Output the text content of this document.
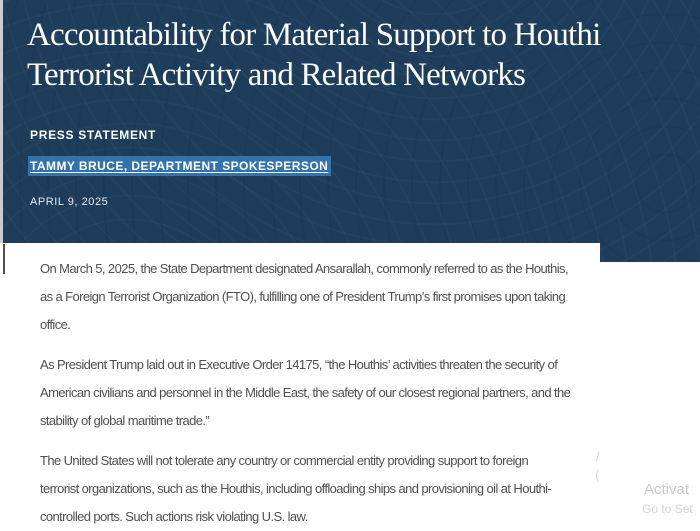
Accountability for Material Support to Houthi
Terrorist Activity and Related Networks
PRESS STATEMENT
TAMMY BRUCE, DEPARTMENT SPOKESPERSON
APRIL 9, 2025

On March 5, 2025, the State Department designated Ansarallah, commonly referred to as the Houthis,
as a Foreign Terrorist Organization (FTO), fulfilling one of President Trump’s first promises upon taking
office.

As President Trump laid out in Executive Order 14175, “the Houthis’ activities threaten the security of
American civilians and personnel in the Middle East, the safety of our closest regional partners, and the
stability of global maritime trade.”

The United States will not tolerate any country or commercial entity providing support to foreign
terrorist organizations, such as the Houthis, including offloading ships and provisioning oil at Houthi-
controlled ports. Such actions risk violating U.S. law.

/
(
Activat
Go to Set
